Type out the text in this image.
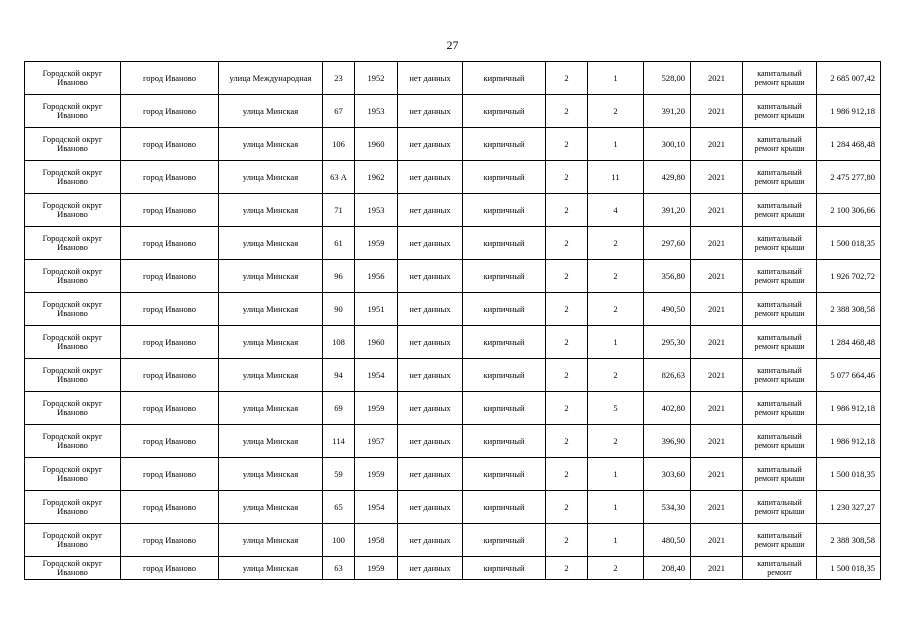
27
Городской округ Иваново	город Иваново	улица Международная	23	1952	нет данных	кирпичный	2	1	528,00	2021	капитальный ремонт крыши	2 685 007,42
Городской округ Иваново	город Иваново	улица Минская	67	1953	нет данных	кирпичный	2	2	391,20	2021	капитальный ремонт крыши	1 986 912,18
Городской округ Иваново	город Иваново	улица Минская	106	1960	нет данных	кирпичный	2	1	300,10	2021	капитальный ремонт крыши	1 284 468,48
Городской округ Иваново	город Иваново	улица Минская	63 А	1962	нет данных	кирпичный	2	11	429,80	2021	капитальный ремонт крыши	2 475 277,80
Городской округ Иваново	город Иваново	улица Минская	71	1953	нет данных	кирпичный	2	4	391,20	2021	капитальный ремонт крыши	2 100 306,66
Городской округ Иваново	город Иваново	улица Минская	61	1959	нет данных	кирпичный	2	2	297,60	2021	капитальный ремонт крыши	1 500 018,35
Городской округ Иваново	город Иваново	улица Минская	96	1956	нет данных	кирпичный	2	2	356,80	2021	капитальный ремонт крыши	1 926 702,72
Городской округ Иваново	город Иваново	улица Минская	90	1951	нет данных	кирпичный	2	2	490,50	2021	капитальный ремонт крыши	2 388 308,58
Городской округ Иваново	город Иваново	улица Минская	108	1960	нет данных	кирпичный	2	1	295,30	2021	капитальный ремонт крыши	1 284 468,48
Городской округ Иваново	город Иваново	улица Минская	94	1954	нет данных	кирпичный	2	2	826,63	2021	капитальный ремонт крыши	5 077 664,46
Городской округ Иваново	город Иваново	улица Минская	69	1959	нет данных	кирпичный	2	5	402,80	2021	капитальный ремонт крыши	1 986 912,18
Городской округ Иваново	город Иваново	улица Минская	114	1957	нет данных	кирпичный	2	2	396,90	2021	капитальный ремонт крыши	1 986 912,18
Городской округ Иваново	город Иваново	улица Минская	59	1959	нет данных	кирпичный	2	1	303,60	2021	капитальный ремонт крыши	1 500 018,35
Городской округ Иваново	город Иваново	улица Минская	65	1954	нет данных	кирпичный	2	1	534,30	2021	капитальный ремонт крыши	1 230 327,27
Городской округ Иваново	город Иваново	улица Минская	100	1958	нет данных	кирпичный	2	1	480,50	2021	капитальный ремонт крыши	2 388 308,58
Городской округ Иваново	город Иваново	улица Минская	63	1959	нет данных	кирпичный	2	2	208,40	2021	капитальный ремонт	1 500 018,35
